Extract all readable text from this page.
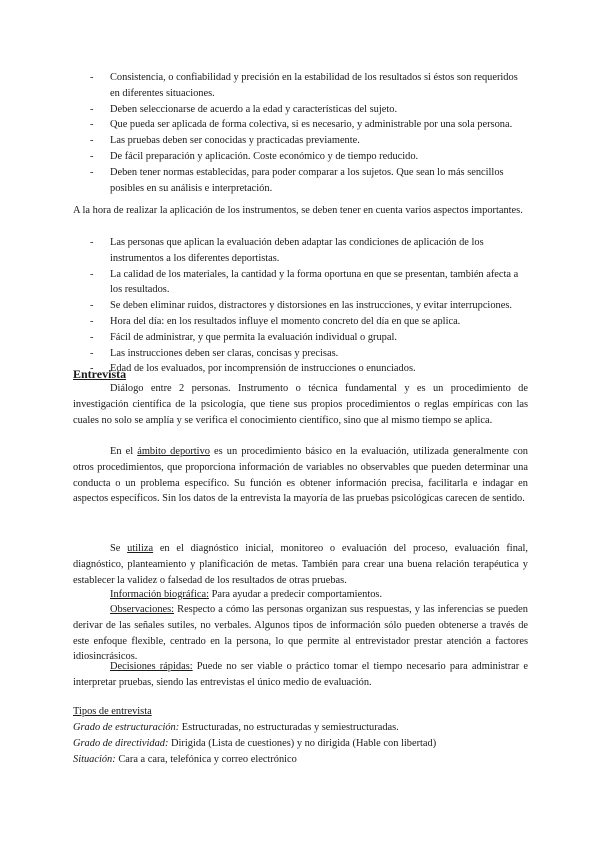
- Consistencia, o confiabilidad y precisión en la estabilidad de los resultados si éstos son requeridos en diferentes situaciones.
- Deben seleccionarse de acuerdo a la edad y características del sujeto.
- Que pueda ser aplicada de forma colectiva, si es necesario, y administrable por una sola persona.
- Las pruebas deben ser conocidas y practicadas previamente.
- De fácil preparación y aplicación. Coste económico y de tiempo reducido.
- Deben tener normas establecidas, para poder comparar a los sujetos. Que sean lo más sencillos posibles en su análisis e interpretación.

A la hora de realizar la aplicación de los instrumentos, se deben tener en cuenta varios aspectos importantes.

- Las personas que aplican la evaluación deben adaptar las condiciones de aplicación de los instrumentos a los diferentes deportistas.
- La calidad de los materiales, la cantidad y la forma oportuna en que se presentan, también afecta a los resultados.
- Se deben eliminar ruidos, distractores y distorsiones en las instrucciones, y evitar interrupciones.
- Hora del día: en los resultados influye el momento concreto del día en que se aplica.
- Fácil de administrar, y que permita la evaluación individual o grupal.
- Las instrucciones deben ser claras, concisas y precisas.
- Edad de los evaluados, por incomprensión de instrucciones o enunciados.
Entrevista

Diálogo entre 2 personas. Instrumento o técnica fundamental y es un procedimiento de investigación científica de la psicología, que tiene sus propios procedimientos o reglas empíricas con las cuales no solo se amplía y se verifica el conocimiento científico, sino que al mismo tiempo se aplica.

En el ámbito deportivo es un procedimiento básico en la evaluación, utilizada generalmente con otros procedimientos, que proporciona información de variables no observables que pueden determinar una conducta o un problema específico. Su función es obtener información precisa, facilitarla e indagar en aspectos específicos. Sin los datos de la entrevista la mayoría de las pruebas psicológicas carecen de sentido.

Se utiliza en el diagnóstico inicial, monitoreo o evaluación del proceso, evaluación final, diagnóstico, planteamiento y planificación de metas. También para crear una buena relación terapéutica y establecer la validez o falsedad de los resultados de otras pruebas.

Información biográfica: Para ayudar a predecir comportamientos.

Observaciones: Respecto a cómo las personas organizan sus respuestas, y las inferencias se pueden derivar de las señales sutiles, no verbales. Algunos tipos de información sólo pueden obtenerse a través de este enfoque flexible, centrado en la persona, lo que permite al entrevistador prestar atención a factores idiosincrásicos.

Decisiones rápidas: Puede no ser viable o práctico tomar el tiempo necesario para administrar e interpretar pruebas, siendo las entrevistas el único medio de evaluación.

Tipos de entrevista
Grado de estructuración: Estructuradas, no estructuradas y semiestructuradas.
Grado de directividad: Dirigida (Lista de cuestiones) y no dirigida (Hable con libertad)
Situación: Cara a cara, telefónica y correo electrónico
